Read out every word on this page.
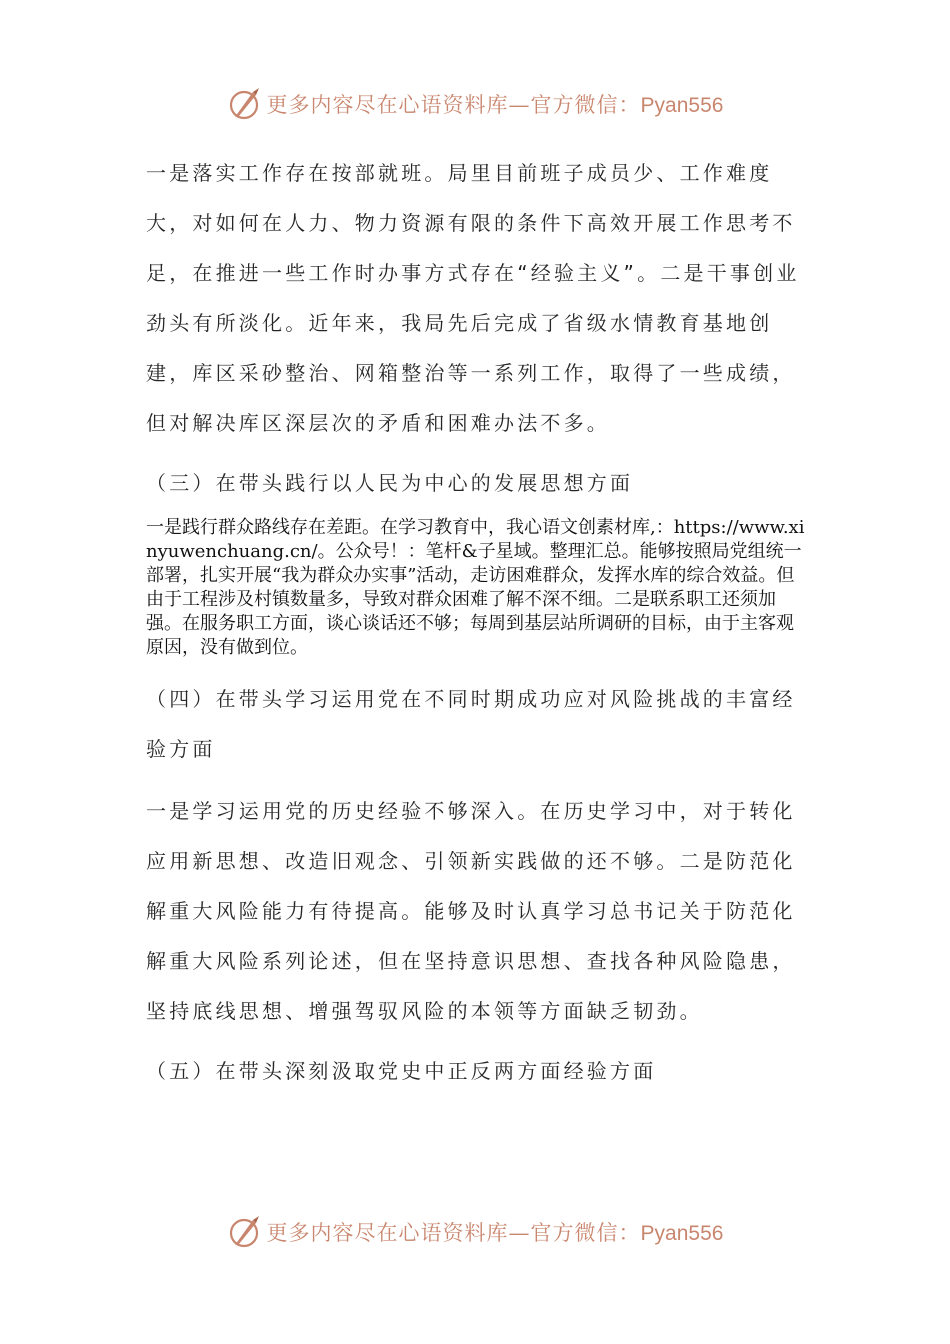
更多内容尽在心语资料库—官方微信：Pyan556

一是落实工作存在按部就班。局里目前班子成员少、工作难度大，对如何在人力、物力资源有限的条件下高效开展工作思考不足，在推进一些工作时办事方式存在“经验主义”。二是干事创业劲头有所淡化。近年来，我局先后完成了省级水情教育基地创建，库区采砂整治、网箱整治等一系列工作，取得了一些成绩，但对解决库区深层次的矛盾和困难办法不多。

（三）在带头践行以人民为中心的发展思想方面

一是践行群众路线存在差距。在学习教育中，我心语文创素材库,：https://www.xinyuwenchuang.cn/。公众号！：笔杆&子星域。整理汇总。能够按照局党组统一部署，扎实开展“我为群众办实事”活动，走访困难群众，发挥水库的综合效益。但由于工程涉及村镇数量多，导致对群众困难了解不深不细。二是联系职工还须加强。在服务职工方面，谈心谈话还不够；每周到基层站所调研的目标，由于主客观原因，没有做到位。

（四）在带头学习运用党在不同时期成功应对风险挑战的丰富经验方面

一是学习运用党的历史经验不够深入。在历史学习中，对于转化应用新思想、改造旧观念、引领新实践做的还不够。二是防范化解重大风险能力有待提高。能够及时认真学习总书记关于防范化解重大风险系列论述，但在坚持意识思想、查找各种风险隐患，坚持底线思想、增强驾驭风险的本领等方面缺乏韧劲。

（五）在带头深刻汲取党史中正反两方面经验方面

更多内容尽在心语资料库—官方微信：Pyan556
